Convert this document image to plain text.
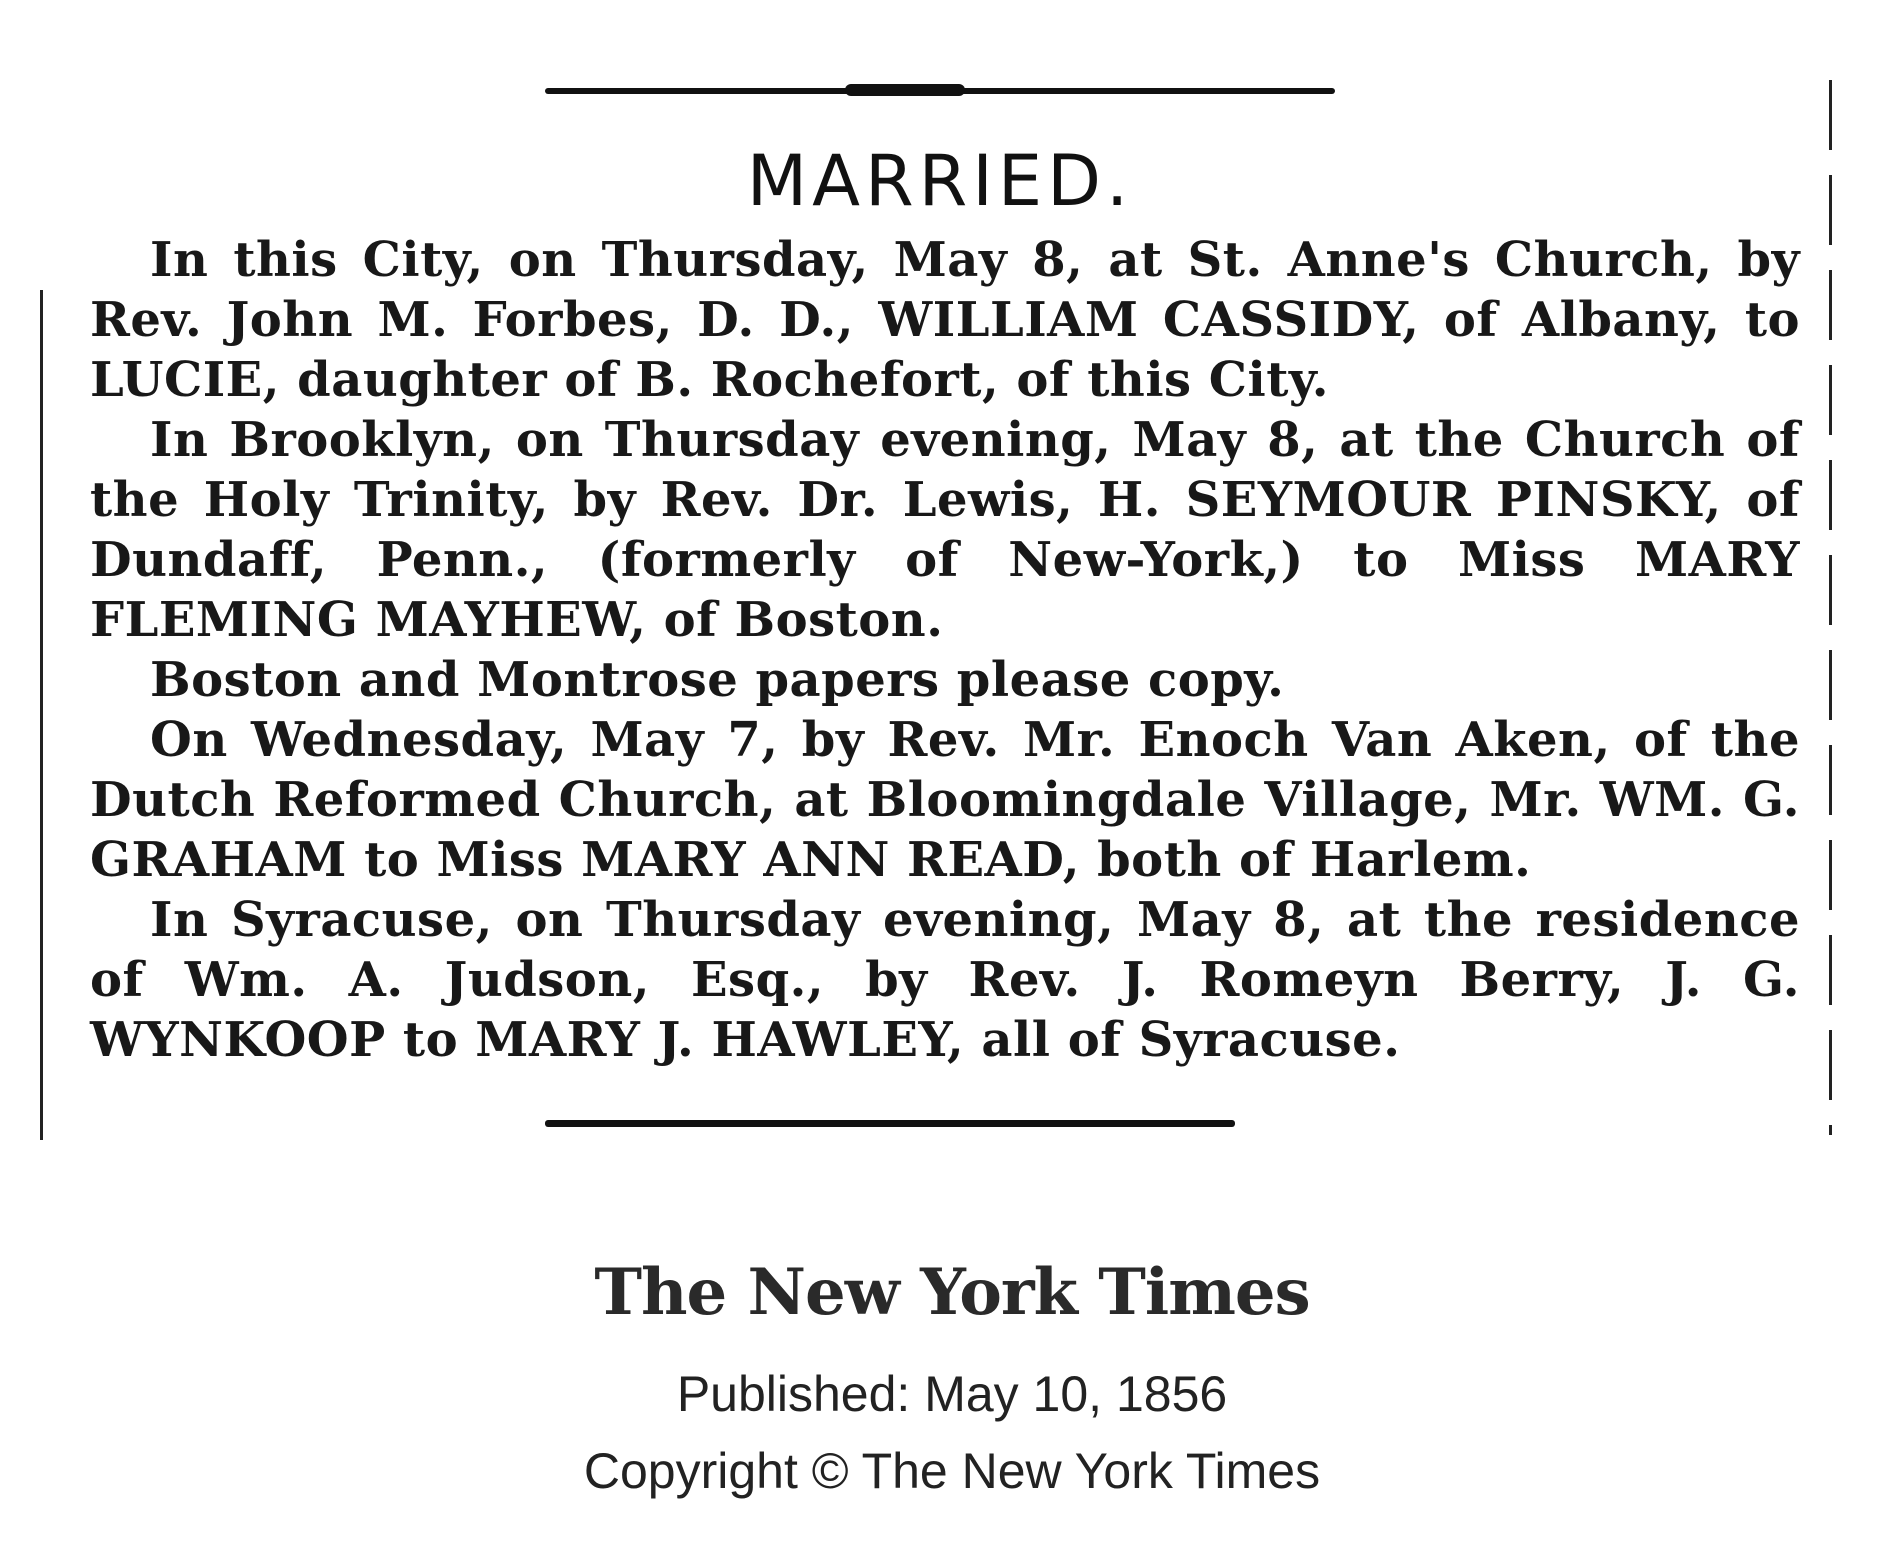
MARRIED.

In this City, on Thursday, May 8, at St. Anne's Church, by Rev. John M. Forbes, D. D., WILLIAM CASSIDY, of Albany, to LUCIE, daughter of B. Rochefort, of this City.

In Brooklyn, on Thursday evening, May 8, at the Church of the Holy Trinity, by Rev. Dr. Lewis, H. SEYMOUR PINSKY, of Dundaff, Penn., (formerly of New-York,) to Miss MARY FLEMING MAYHEW, of Boston.

Boston and Montrose papers please copy.

On Wednesday, May 7, by Rev. Mr. Enoch Van Aken, of the Dutch Reformed Church, at Bloomingdale Village, Mr. WM. G. GRAHAM to Miss MARY ANN READ, both of Harlem.

In Syracuse, on Thursday evening, May 8, at the residence of Wm. A. Judson, Esq., by Rev. J. Romeyn Berry, J. G. WYNKOOP to MARY J. HAWLEY, all of Syracuse.

The New York Times
Published: May 10, 1856
Copyright © The New York Times
